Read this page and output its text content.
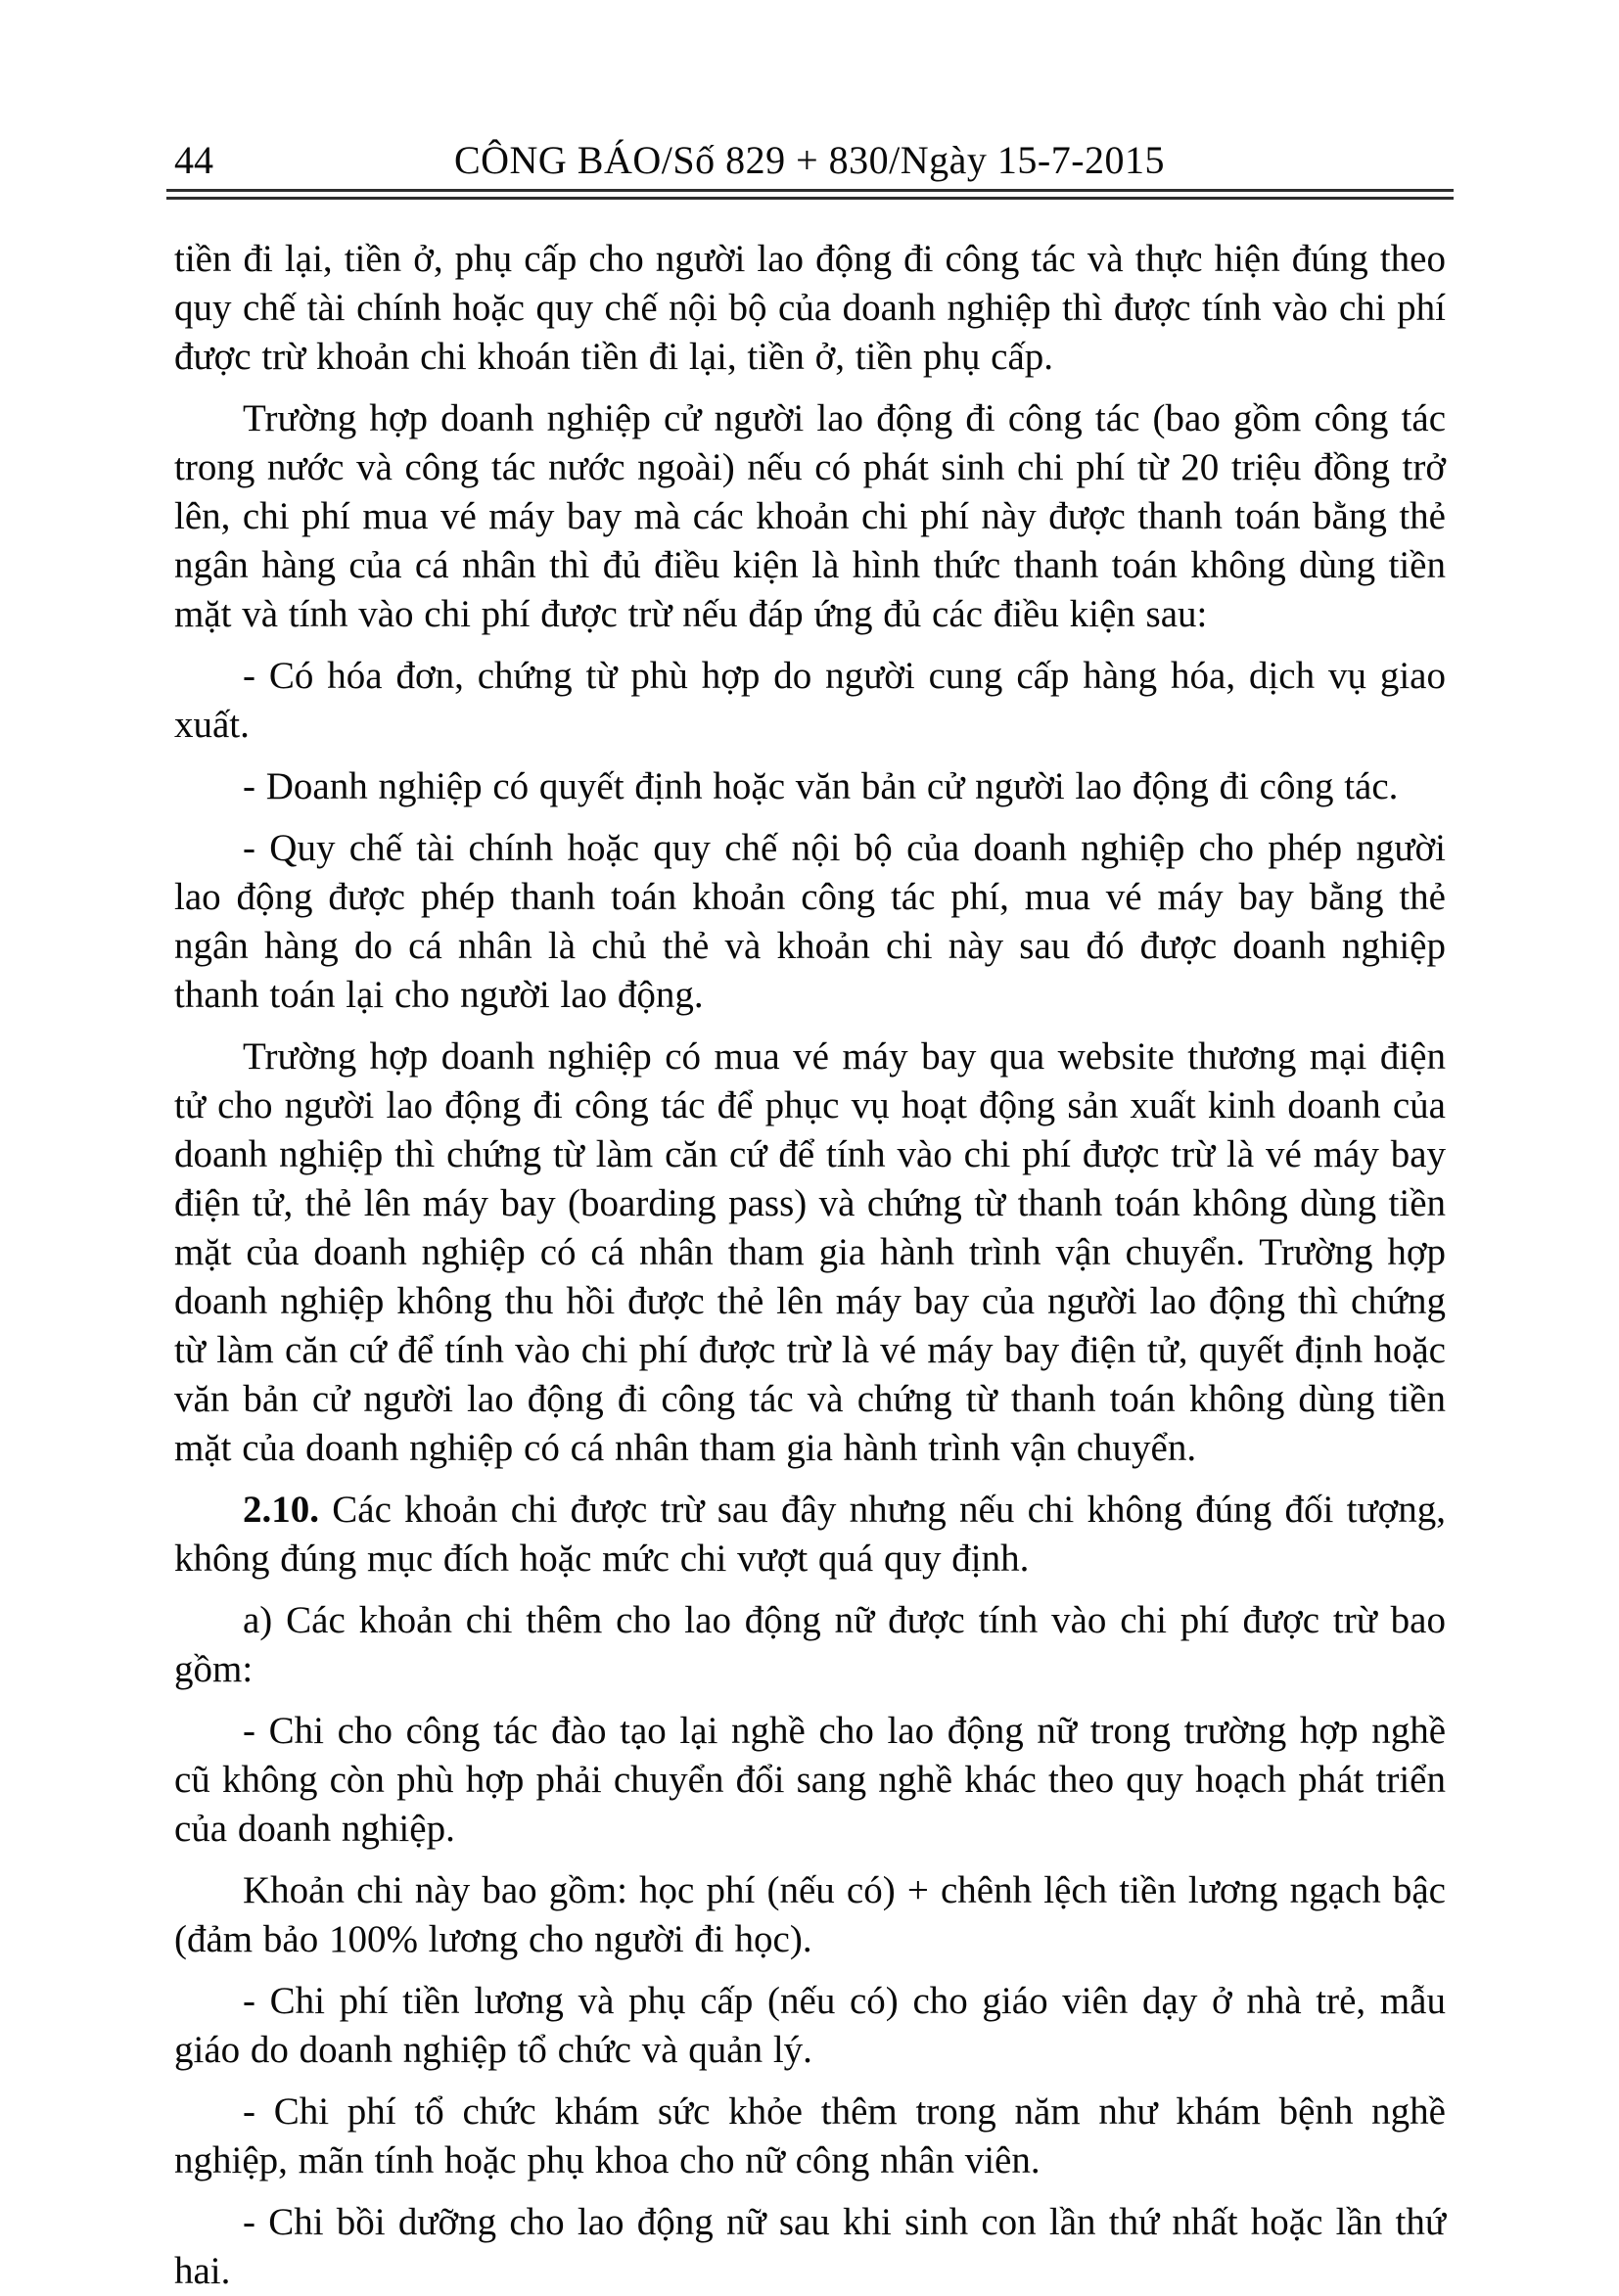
44	CÔNG BÁO/Số 829 + 830/Ngày 15-7-2015

tiền đi lại, tiền ở, phụ cấp cho người lao động đi công tác và thực hiện đúng theo quy chế tài chính hoặc quy chế nội bộ của doanh nghiệp thì được tính vào chi phí được trừ khoản chi khoán tiền đi lại, tiền ở, tiền phụ cấp.

Trường hợp doanh nghiệp cử người lao động đi công tác (bao gồm công tác trong nước và công tác nước ngoài) nếu có phát sinh chi phí từ 20 triệu đồng trở lên, chi phí mua vé máy bay mà các khoản chi phí này được thanh toán bằng thẻ ngân hàng của cá nhân thì đủ điều kiện là hình thức thanh toán không dùng tiền mặt và tính vào chi phí được trừ nếu đáp ứng đủ các điều kiện sau:

- Có hóa đơn, chứng từ phù hợp do người cung cấp hàng hóa, dịch vụ giao xuất.

- Doanh nghiệp có quyết định hoặc văn bản cử người lao động đi công tác.

- Quy chế tài chính hoặc quy chế nội bộ của doanh nghiệp cho phép người lao động được phép thanh toán khoản công tác phí, mua vé máy bay bằng thẻ ngân hàng do cá nhân là chủ thẻ và khoản chi này sau đó được doanh nghiệp thanh toán lại cho người lao động.

Trường hợp doanh nghiệp có mua vé máy bay qua website thương mại điện tử cho người lao động đi công tác để phục vụ hoạt động sản xuất kinh doanh của doanh nghiệp thì chứng từ làm căn cứ để tính vào chi phí được trừ là vé máy bay điện tử, thẻ lên máy bay (boarding pass) và chứng từ thanh toán không dùng tiền mặt của doanh nghiệp có cá nhân tham gia hành trình vận chuyển. Trường hợp doanh nghiệp không thu hồi được thẻ lên máy bay của người lao động thì chứng từ làm căn cứ để tính vào chi phí được trừ là vé máy bay điện tử, quyết định hoặc văn bản cử người lao động đi công tác và chứng từ thanh toán không dùng tiền mặt của doanh nghiệp có cá nhân tham gia hành trình vận chuyển.

2.10. Các khoản chi được trừ sau đây nhưng nếu chi không đúng đối tượng, không đúng mục đích hoặc mức chi vượt quá quy định.

a) Các khoản chi thêm cho lao động nữ được tính vào chi phí được trừ bao gồm:

- Chi cho công tác đào tạo lại nghề cho lao động nữ trong trường hợp nghề cũ không còn phù hợp phải chuyển đổi sang nghề khác theo quy hoạch phát triển của doanh nghiệp.

Khoản chi này bao gồm: học phí (nếu có) + chênh lệch tiền lương ngạch bậc (đảm bảo 100% lương cho người đi học).

- Chi phí tiền lương và phụ cấp (nếu có) cho giáo viên dạy ở nhà trẻ, mẫu giáo do doanh nghiệp tổ chức và quản lý.

- Chi phí tổ chức khám sức khỏe thêm trong năm như khám bệnh nghề nghiệp, mãn tính hoặc phụ khoa cho nữ công nhân viên.

- Chi bồi dưỡng cho lao động nữ sau khi sinh con lần thứ nhất hoặc lần thứ hai.
